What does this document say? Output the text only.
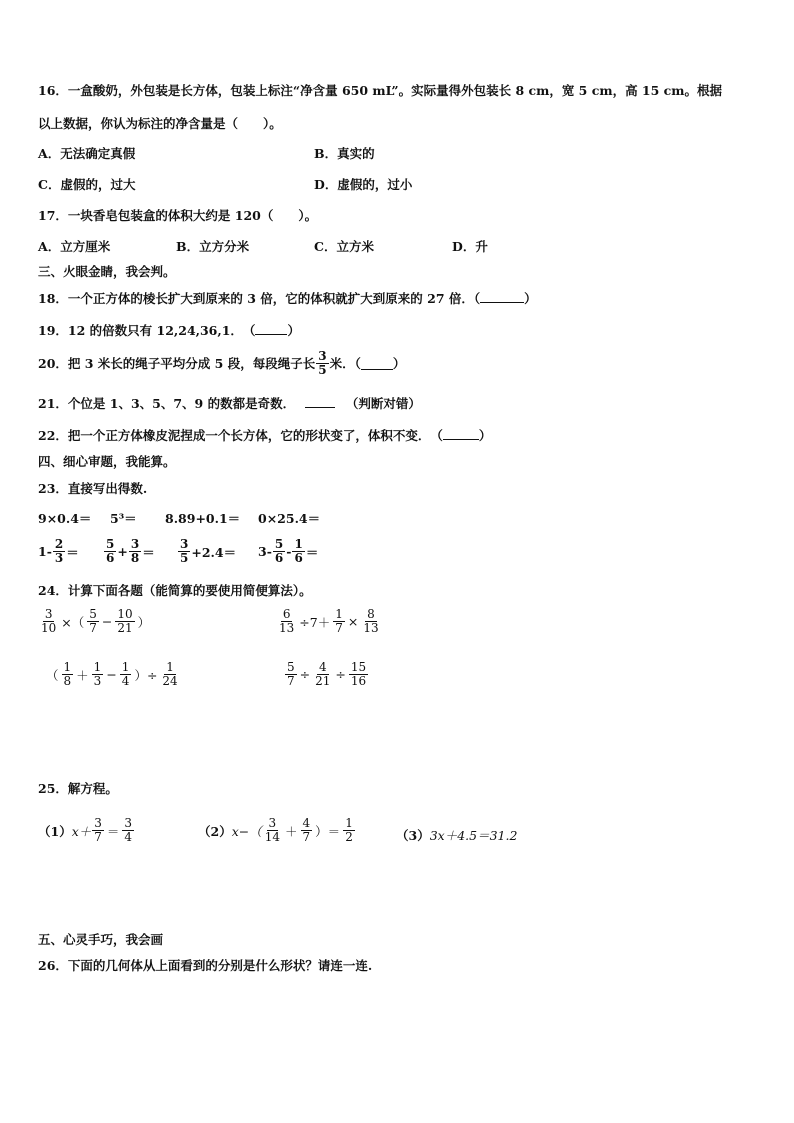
16．一盒酸奶，外包装是长方体，包装上标注“净含量 650 mL”。实际量得外包装长 8 cm，宽 5 cm，高 15 cm。根据
以上数据，你认为标注的净含量是（　　）。
A．无法确定真假	B．真实的
C．虚假的，过大	D．虚假的，过小
17．一块香皂包装盒的体积大约是 120（　　）。
A．立方厘米	B．立方分米	C．立方米	D．升
三、火眼金睛，我会判。
18．一个正方体的棱长扩大到原来的 3 倍，它的体积就扩大到原来的 27 倍．（	）
19．12 的倍数只有 12,24,36,1．　（	）
20．把 3 米长的绳子平均分成 5 段，每段绳子长 $\frac{3}{5}$ 米．（	）
21．个位是 1、3、5、7、9 的数都是奇数．	（判断对错）
22．把一个正方体橡皮泥捏成一个长方体，它的形状变了，体积不变．　（	）
四、细心审题，我能算。
23．直接写出得数.
9×0.4＝ 5³＝ 8.89+0.1＝ 0×25.4＝
$1- \frac{2}{3} = \frac{5}{6} + \frac{3}{8} = \frac{3}{5} +2.4= 3- \frac{5}{6} - \frac{1}{6}$ ＝
24．计算下面各题（能简算的要使用简便算法）。
$\frac{3}{10}$ ×（ $\frac{5}{7} - \frac{10}{21}$ ）	$\frac{6}{13} \div 7+ \frac{1}{7} \times \frac{8}{13}$
（ $\frac{1}{8} + \frac{1}{3} - \frac{1}{4}$ ）÷ $\frac{1}{24}$	$\frac{5}{7} \div \frac{4}{21} \div \frac{15}{16}$
25．解方程。
（1） $x+ \frac{3}{7} = \frac{3}{4}$	（2） $x-( \frac{3}{14} + \frac{4}{7}$ ）＝ $\frac{1}{2}$	（3） 3x＋4.5＝31.2
五、心灵手巧，我会画
26．下面的几何体从上面看到的分别是什么形状？请连一连.
